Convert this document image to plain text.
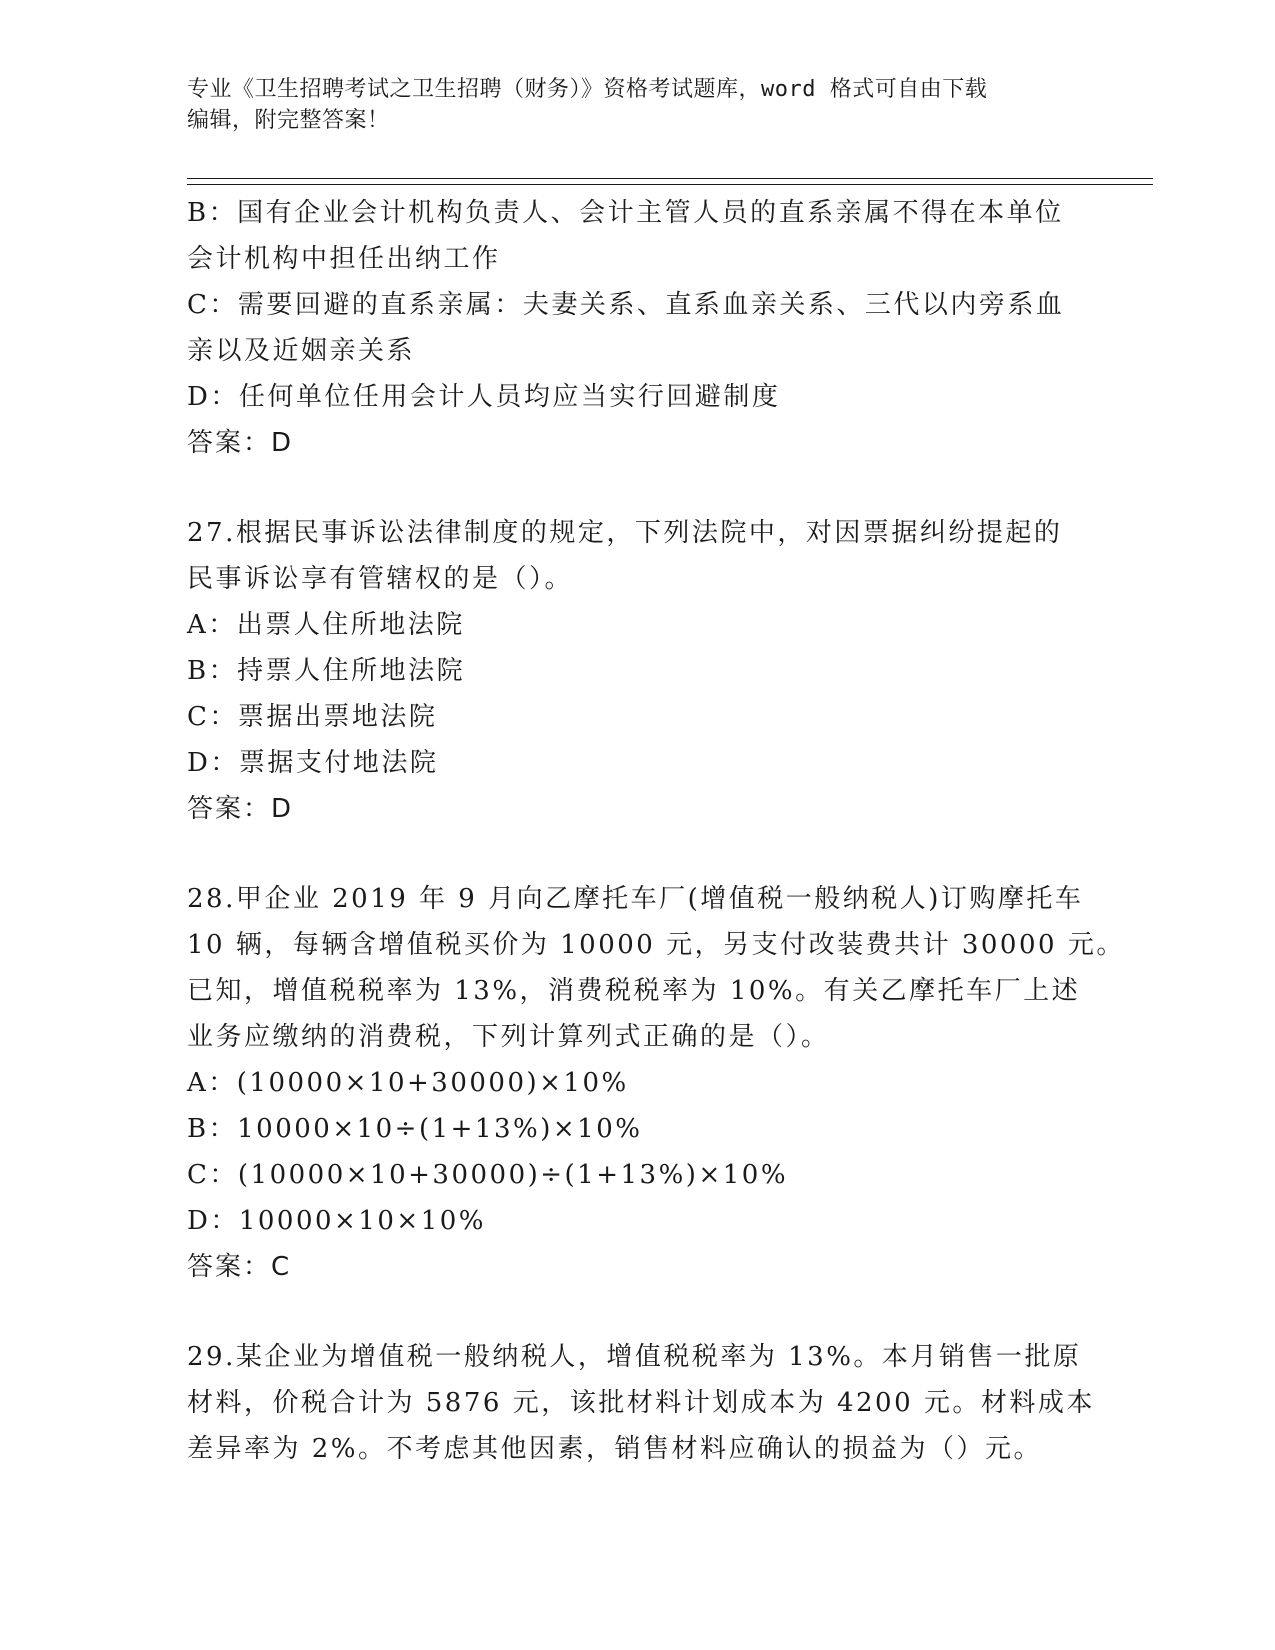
专业《卫生招聘考试之卫生招聘（财务）》资格考试题库，word 格式可自由下载
编辑，附完整答案！
B：国有企业会计机构负责人、会计主管人员的直系亲属不得在本单位
会计机构中担任出纳工作
C：需要回避的直系亲属：夫妻关系、直系血亲关系、三代以内旁系血
亲以及近姻亲关系
D：任何单位任用会计人员均应当实行回避制度
答案：D
27.根据民事诉讼法律制度的规定，下列法院中，对因票据纠纷提起的
民事诉讼享有管辖权的是（）。
A：出票人住所地法院
B：持票人住所地法院
C：票据出票地法院
D：票据支付地法院
答案：D
28.甲企业 2019 年 9 月向乙摩托车厂(增值税一般纳税人)订购摩托车
10 辆，每辆含增值税买价为 10000 元，另支付改装费共计 30000 元。
已知，增值税税率为 13%，消费税税率为 10%。有关乙摩托车厂上述
业务应缴纳的消费税，下列计算列式正确的是（）。
A：(10000×10+30000)×10%
B：10000×10÷(1+13%)×10%
C：(10000×10+30000)÷(1+13%)×10%
D：10000×10×10%
答案：C
29.某企业为增值税一般纳税人，增值税税率为 13%。本月销售一批原
材料，价税合计为 5876 元，该批材料计划成本为 4200 元。材料成本
差异率为 2%。不考虑其他因素，销售材料应确认的损益为（）元。
